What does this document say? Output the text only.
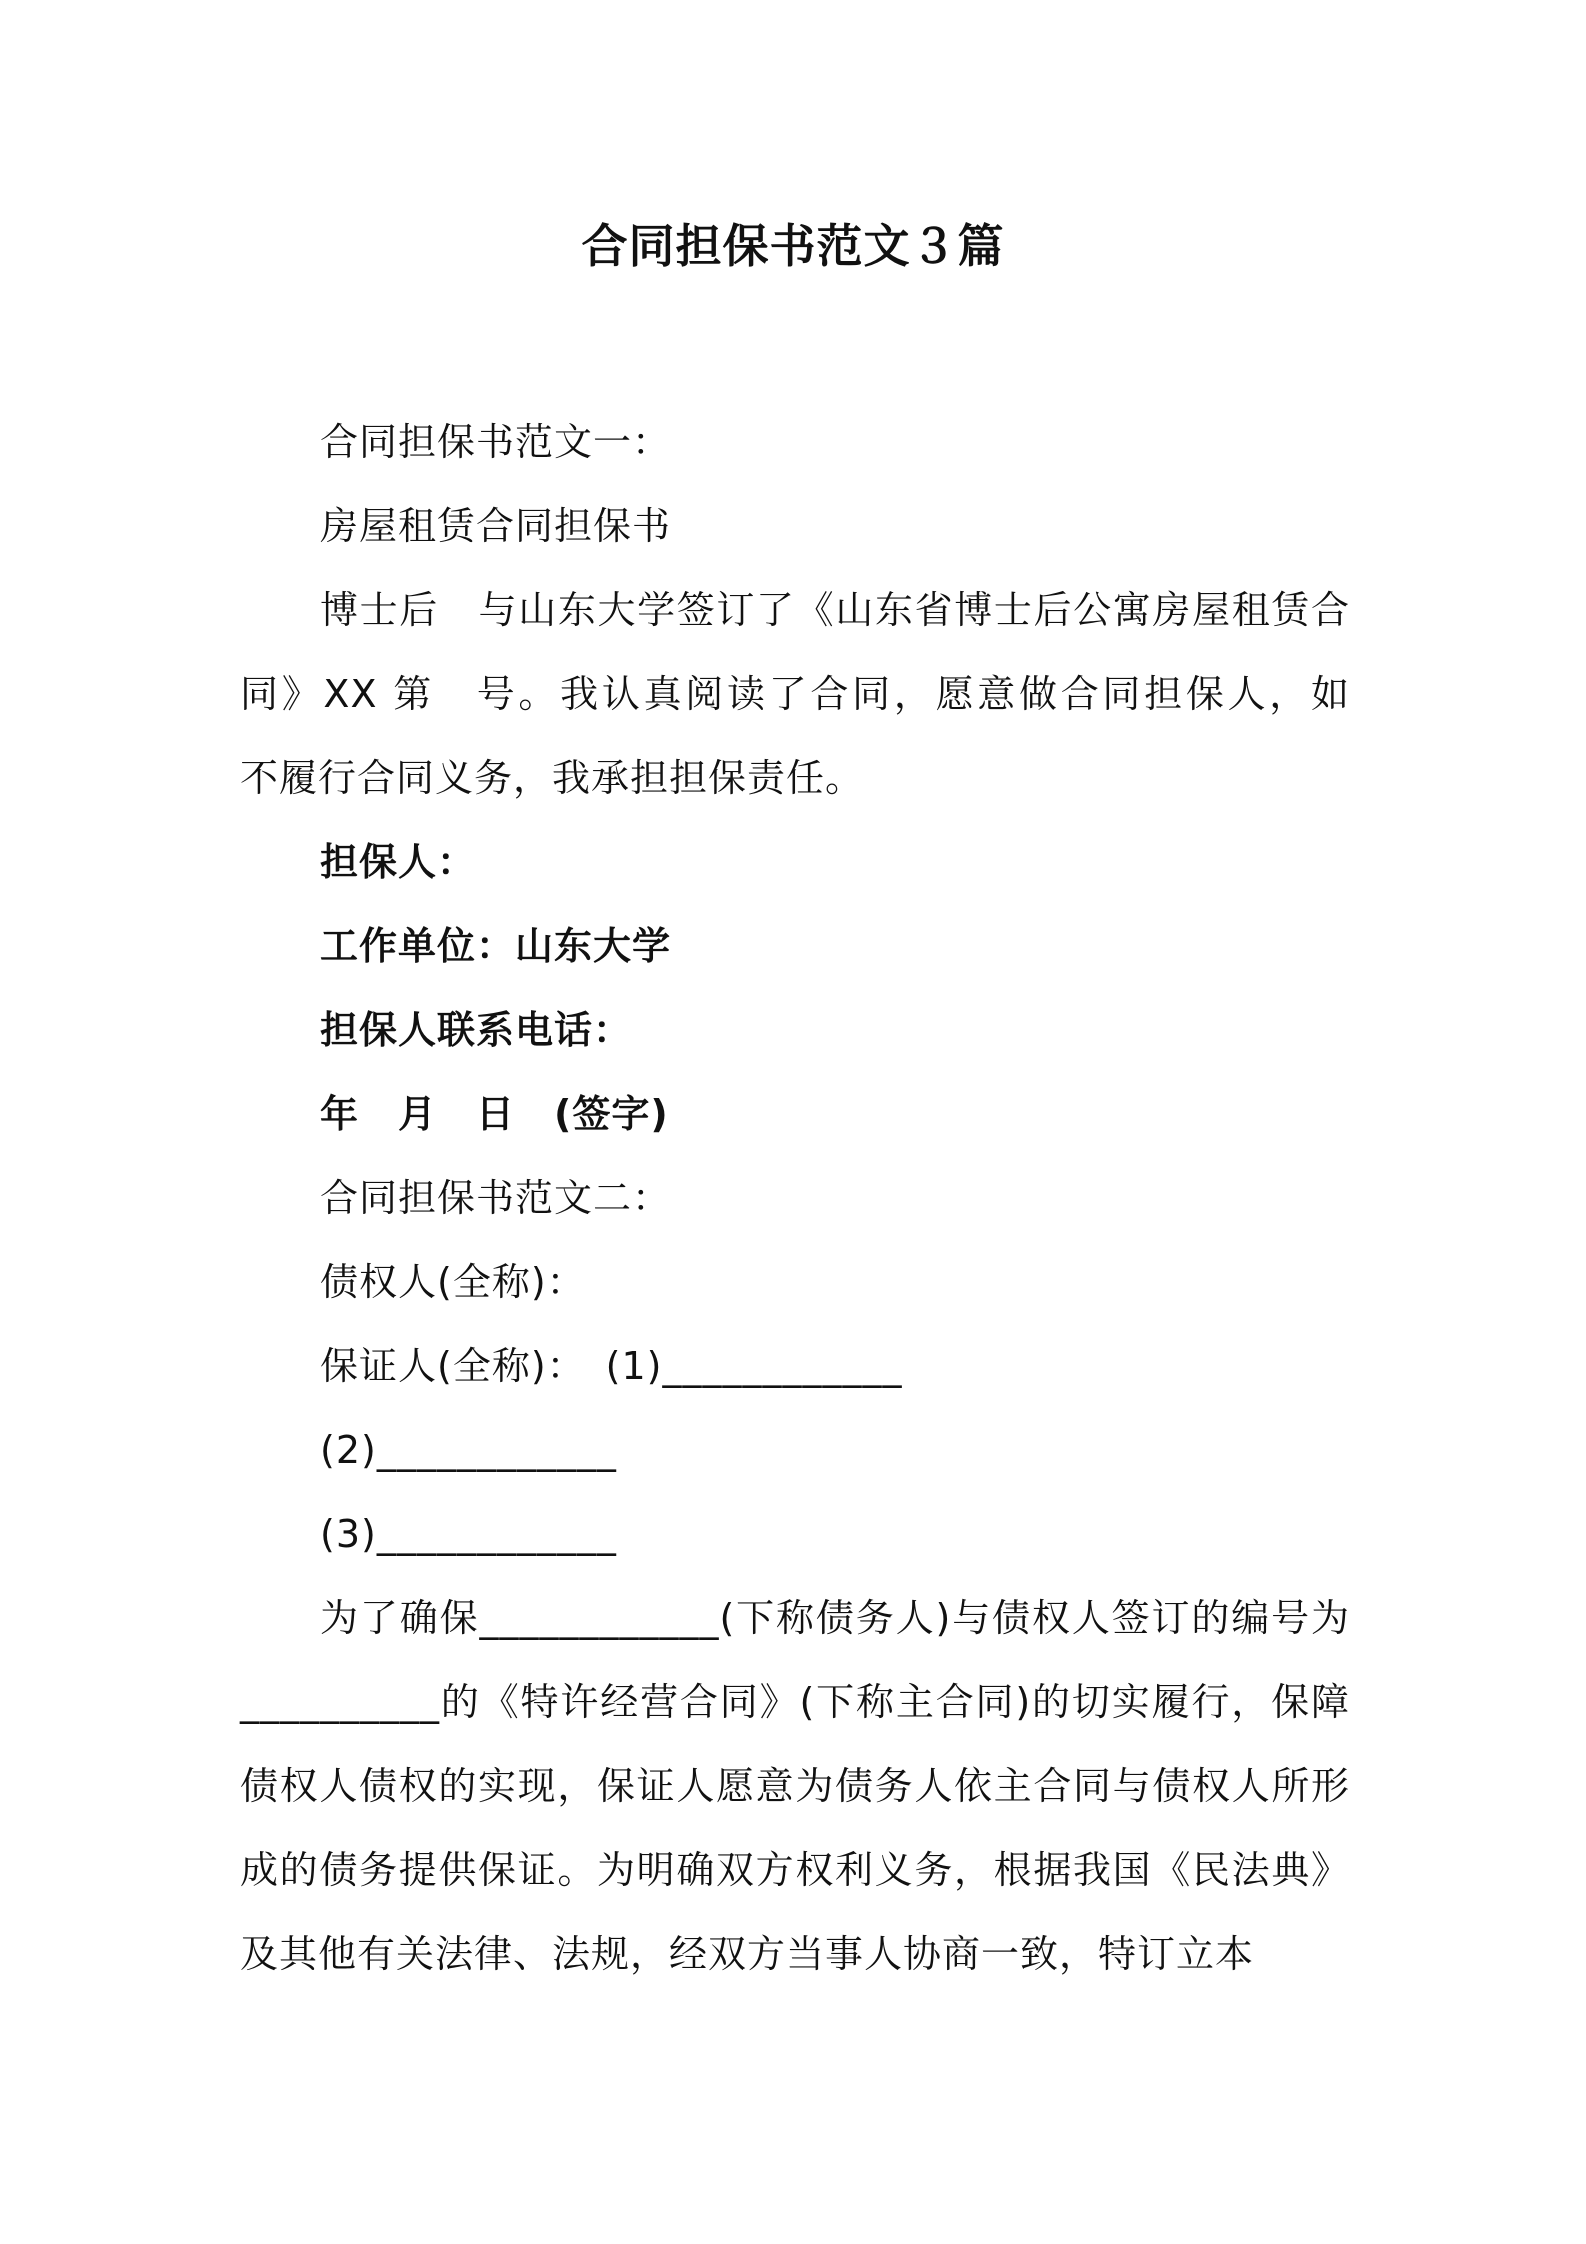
合同担保书范文３篇

合同担保书范文一：

房屋租赁合同担保书

博士后　与山东大学签订了《山东省博士后公寓房屋租赁合同》XX 第　号。我认真阅读了合同，愿意做合同担保人，如　不履行合同义务，我承担担保责任。

担保人：

工作单位：山东大学

担保人联系电话：

年　月　日　(签字)

合同担保书范文二：

债权人(全称)：

保证人(全称)：　(1)____________

(2)____________

(3)____________

为了确保____________(下称债务人)与债权人签订的编号为__________的《特许经营合同》(下称主合同)的切实履行，保障债权人债权的实现，保证人愿意为债务人依主合同与债权人所形成的债务提供保证。为明确双方权利义务，根据我国《民法典》及其他有关法律、法规，经双方当事人协商一致，特订立本
